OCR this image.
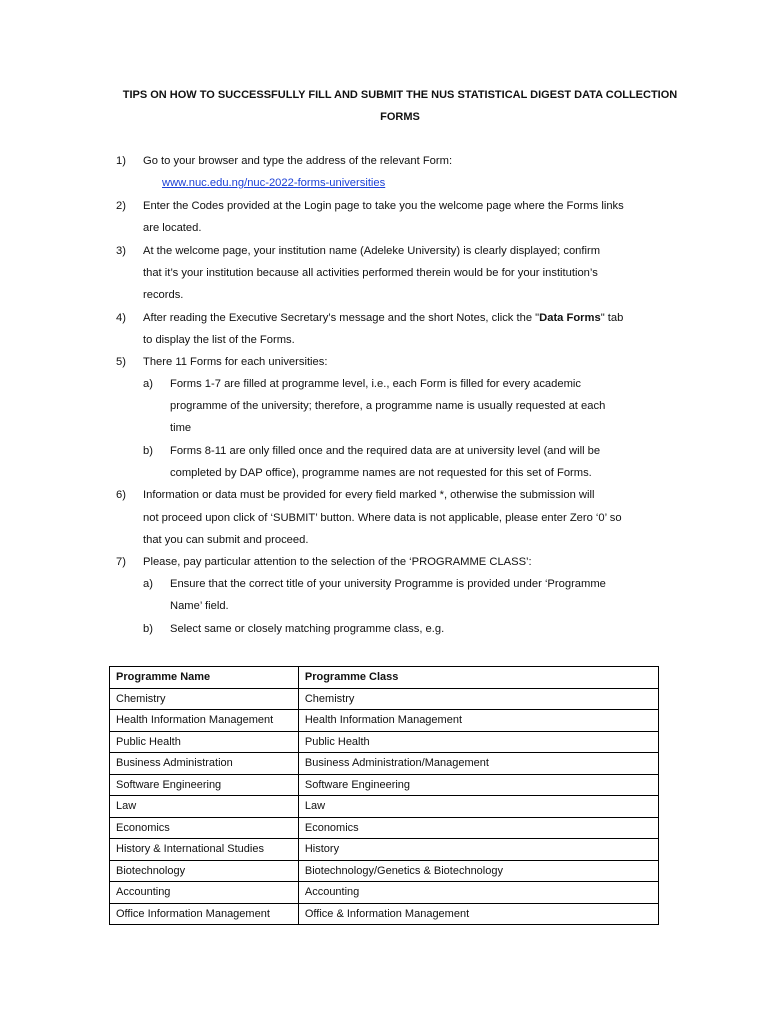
TIPS ON HOW TO SUCCESSFULLY FILL AND SUBMIT THE NUS STATISTICAL DIGEST DATA COLLECTION
FORMS
1) Go to your browser and type the address of the relevant Form:
www.nuc.edu.ng/nuc-2022-forms-universities
2) Enter the Codes provided at the Login page to take you the welcome page where the Forms links
are located.
3) At the welcome page, your institution name (Adeleke University) is clearly displayed; confirm
that it’s your institution because all activities performed therein would be for your institution’s
records.
4) After reading the Executive Secretary’s message and the short Notes, click the "Data Forms" tab
to display the list of the Forms.
5) There 11 Forms for each universities:
a) Forms 1-7 are filled at programme level, i.e., each Form is filled for every academic
programme of the university; therefore, a programme name is usually requested at each
time
b) Forms 8-11 are only filled once and the required data are at university level (and will be
completed by DAP office), programme names are not requested for this set of Forms.
6) Information or data must be provided for every field marked *, otherwise the submission will
not proceed upon click of ‘SUBMIT’ button. Where data is not applicable, please enter Zero ‘0’ so
that you can submit and proceed.
7) Please, pay particular attention to the selection of the ‘PROGRAMME CLASS’:
a) Ensure that the correct title of your university Programme is provided under ‘Programme
Name’ field.
b) Select same or closely matching programme class, e.g.
Programme Name	Programme Class
Chemistry	Chemistry
Health Information Management	Health Information Management
Public Health	Public Health
Business Administration	Business Administration/Management
Software Engineering	Software Engineering
Law	Law
Economics	Economics
History & International Studies	History
Biotechnology	Biotechnology/Genetics & Biotechnology
Accounting	Accounting
Office Information Management	Office & Information Management
